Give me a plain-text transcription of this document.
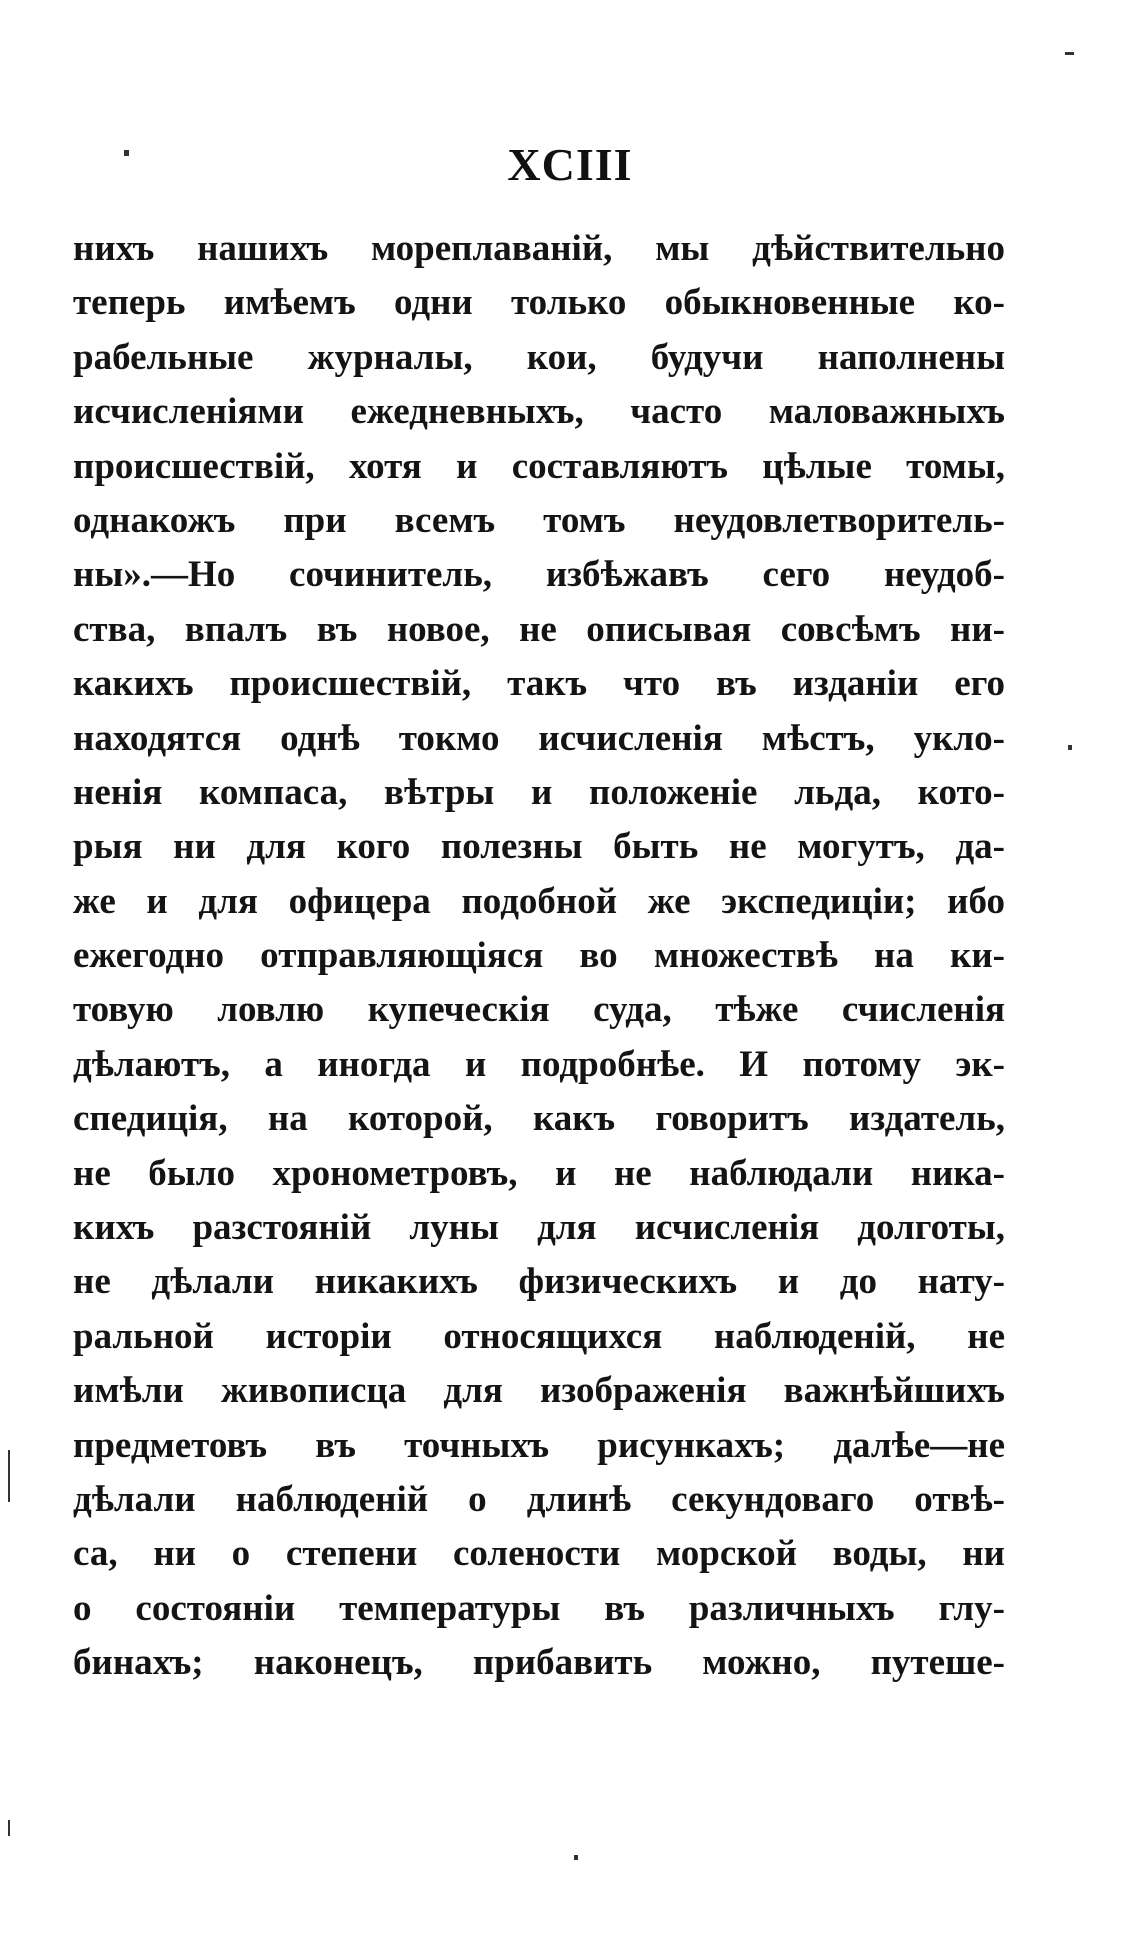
XCIII
нихъ нашихъ мореплаваній, мы дѣйствительно
теперь имѣемъ одни только обыкновенные ко-
рабельные журналы, кои, будучи наполнены
исчисленіями ежедневныхъ, часто маловажныхъ
происшествій, хотя и составляютъ цѣлые томы,
однакожъ при всемъ томъ неудовлетворитель-
ны».—Но сочинитель, избѣжавъ сего неудоб-
ства, впалъ въ новое, не описывая совсѣмъ ни-
какихъ происшествій, такъ что въ изданіи его
находятся однѣ токмо исчисленія мѣстъ, укло-
ненія компаса, вѣтры и положеніе льда, кото-
рыя ни для кого полезны быть не могутъ, да-
же и для офицера подобной же экспедиціи; ибо
ежегодно отправляющіяся во множествѣ на ки-
товую ловлю купеческія суда, тѣже счисленія
дѣлаютъ, а иногда и подробнѣе. И потому эк-
спедиція, на которой, какъ говоритъ издатель,
не было хронометровъ, и не наблюдали ника-
кихъ разстояній луны для исчисленія долготы,
не дѣлали никакихъ физическихъ и до нату-
ральной исторіи относящихся наблюденій, не
имѣли живописца для изображенія важнѣйшихъ
предметовъ въ точныхъ рисункахъ; далѣе—не
дѣлали наблюденій о длинѣ секундоваго отвѣ-
са, ни о степени солености морской воды, ни
о состояніи температуры въ различныхъ глу-
бинахъ; наконецъ, прибавить можно, путеше-
